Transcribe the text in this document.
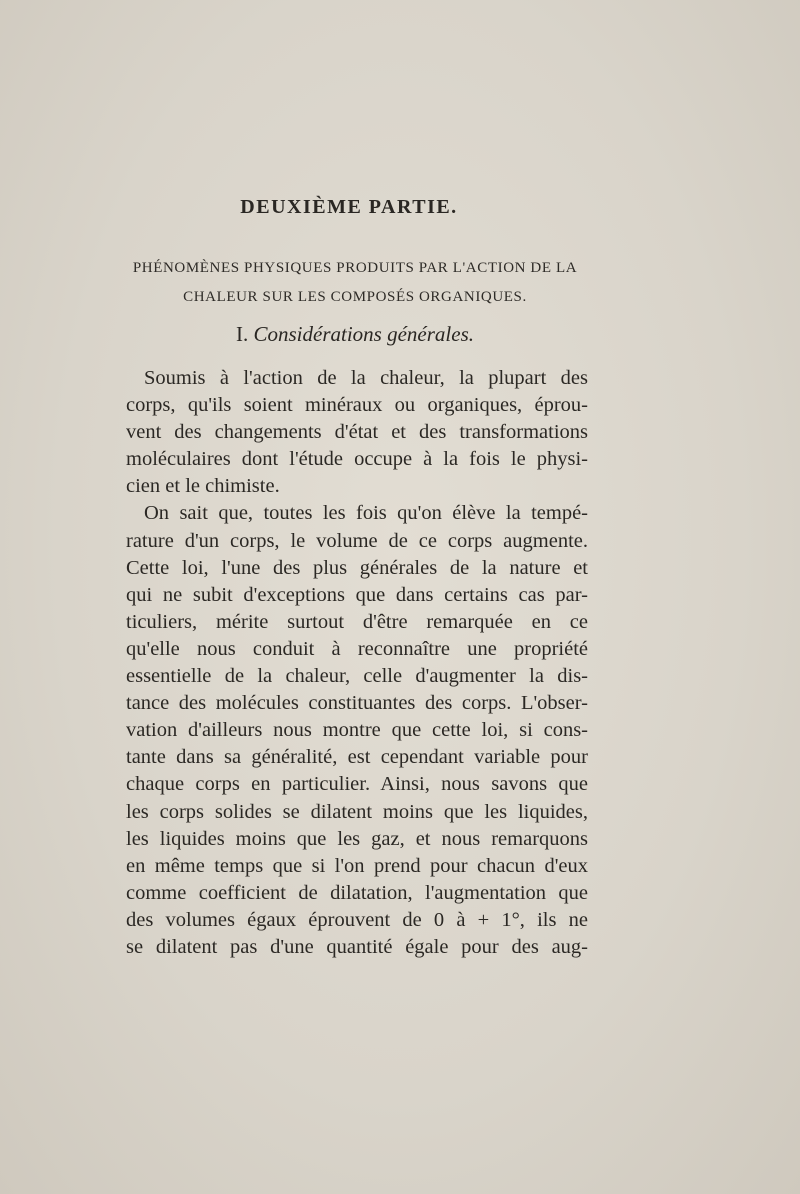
DEUXIÈME PARTIE.
PHÉNOMÈNES PHYSIQUES PRODUITS PAR L'ACTION DE LA
CHALEUR SUR LES COMPOSÉS ORGANIQUES.
I. Considérations générales.
Soumis à l'action de la chaleur, la plupart des
corps, qu'ils soient minéraux ou organiques, éprou-
vent des changements d'état et des transformations
moléculaires dont l'étude occupe à la fois le physi-
cien et le chimiste.
On sait que, toutes les fois qu'on élève la tempé-
rature d'un corps, le volume de ce corps augmente.
Cette loi, l'une des plus générales de la nature et
qui ne subit d'exceptions que dans certains cas par-
ticuliers, mérite surtout d'être remarquée en ce
qu'elle nous conduit à reconnaître une propriété
essentielle de la chaleur, celle d'augmenter la dis-
tance des molécules constituantes des corps. L'obser-
vation d'ailleurs nous montre que cette loi, si cons-
tante dans sa généralité, est cependant variable pour
chaque corps en particulier. Ainsi, nous savons que
les corps solides se dilatent moins que les liquides,
les liquides moins que les gaz, et nous remarquons
en même temps que si l'on prend pour chacun d'eux
comme coefficient de dilatation, l'augmentation que
des volumes égaux éprouvent de 0 à + 1°, ils ne
se dilatent pas d'une quantité égale pour des aug-
